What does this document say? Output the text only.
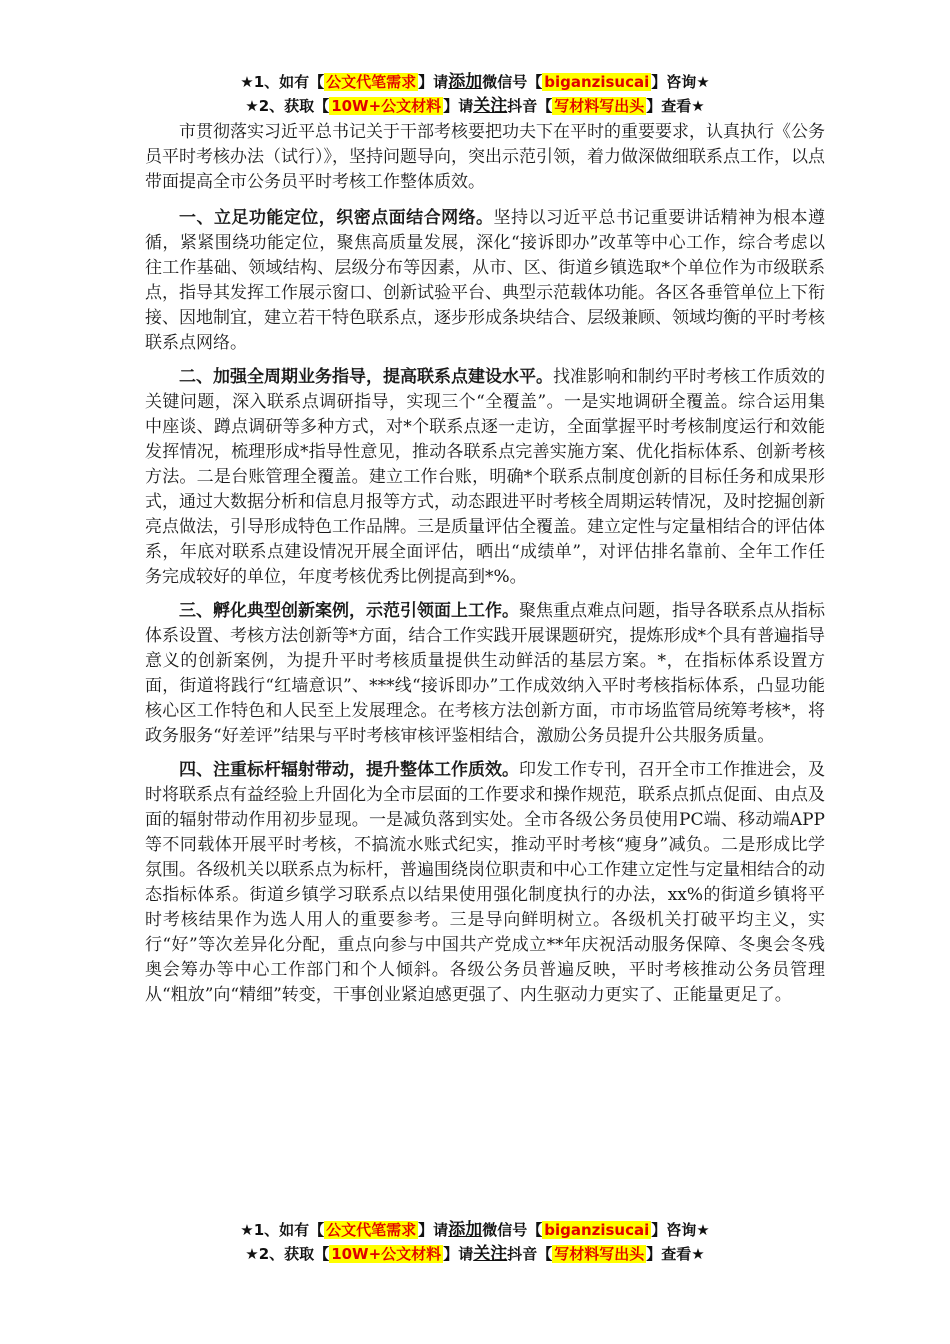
★1、如有【 公文代笔需求 】请添加微信号【 biganzisucai 】咨询★
★2、获取【 10W+公文材料 】请关注抖音【 写材料写出头 】查看★

市贯彻落实习近平总书记关于干部考核要把功夫下在平时的重要要求，认真执行《公务员平时考核办法（试行）》，坚持问题导向，突出示范引领，着力做深做细联系点工作，以点带面提高全市公务员平时考核工作整体质效。

一、立足功能定位，织密点面结合网络。坚持以习近平总书记重要讲话精神为根本遵循，紧紧围绕功能定位，聚焦高质量发展，深化“接诉即办”改革等中心工作，综合考虑以往工作基础、领域结构、层级分布等因素，从市、区、街道乡镇选取*个单位作为市级联系点，指导其发挥工作展示窗口、创新试验平台、典型示范载体功能。各区各垂管单位上下衔接、因地制宜，建立若干特色联系点，逐步形成条块结合、层级兼顾、领域均衡的平时考核联系点网络。

二、加强全周期业务指导，提高联系点建设水平。找准影响和制约平时考核工作质效的关键问题，深入联系点调研指导，实现三个“全覆盖”。一是实地调研全覆盖。综合运用集中座谈、蹲点调研等多种方式，对*个联系点逐一走访，全面掌握平时考核制度运行和效能发挥情况，梳理形成*指导性意见，推动各联系点完善实施方案、优化指标体系、创新考核方法。二是台账管理全覆盖。建立工作台账，明确*个联系点制度创新的目标任务和成果形式，通过大数据分析和信息月报等方式，动态跟进平时考核全周期运转情况，及时挖掘创新亮点做法，引导形成特色工作品牌。三是质量评估全覆盖。建立定性与定量相结合的评估体系，年底对联系点建设情况开展全面评估，晒出“成绩单”，对评估排名靠前、全年工作任务完成较好的单位，年度考核优秀比例提高到*%。

三、孵化典型创新案例，示范引领面上工作。聚焦重点难点问题，指导各联系点从指标体系设置、考核方法创新等*方面，结合工作实践开展课题研究，提炼形成*个具有普遍指导意义的创新案例，为提升平时考核质量提供生动鲜活的基层方案。*，在指标体系设置方面，街道将践行“红墙意识”、***线“接诉即办”工作成效纳入平时考核指标体系，凸显功能核心区工作特色和人民至上发展理念。在考核方法创新方面，市市场监管局统筹考核*，将政务服务“好差评”结果与平时考核审核评鉴相结合，激励公务员提升公共服务质量。

四、注重标杆辐射带动，提升整体工作质效。印发工作专刊，召开全市工作推进会，及时将联系点有益经验上升固化为全市层面的工作要求和操作规范，联系点抓点促面、由点及面的辐射带动作用初步显现。一是减负落到实处。全市各级公务员使用PC端、移动端APP等不同载体开展平时考核，不搞流水账式纪实，推动平时考核“瘦身”减负。二是形成比学氛围。各级机关以联系点为标杆，普遍围绕岗位职责和中心工作建立定性与定量相结合的动态指标体系。街道乡镇学习联系点以结果使用强化制度执行的办法，xx%的街道乡镇将平时考核结果作为选人用人的重要参考。三是导向鲜明树立。各级机关打破平均主义，实行“好”等次差异化分配，重点向参与中国共产党成立**年庆祝活动服务保障、冬奥会冬残奥会筹办等中心工作部门和个人倾斜。各级公务员普遍反映，平时考核推动公务员管理从“粗放”向“精细”转变，干事创业紧迫感更强了、内生驱动力更实了、正能量更足了。

★1、如有【 公文代笔需求 】请添加微信号【 biganzisucai 】咨询★
★2、获取【 10W+公文材料 】请关注抖音【 写材料写出头 】查看★
